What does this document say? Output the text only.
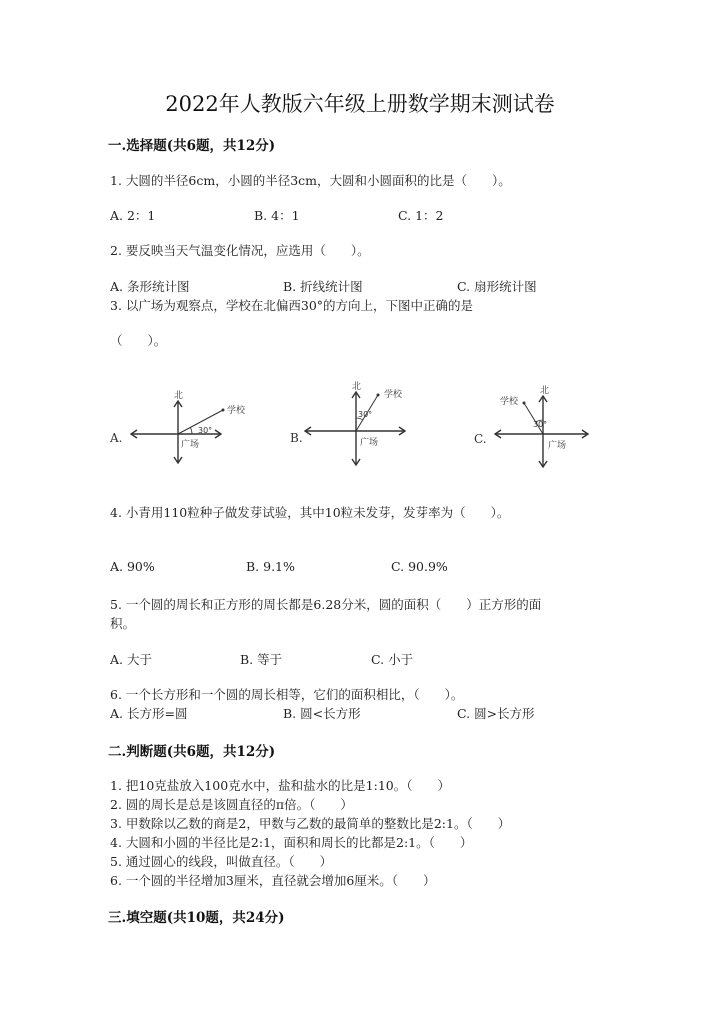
2022年人教版六年级上册数学期末测试卷
一.选择题(共6题，共12分)
1. 大圆的半径6cm，小圆的半径3cm，大圆和小圆面积的比是（　　）。
A. 2：1	B. 4：1	C. 1：2
2. 要反映当天气温变化情况，应选用（　　）。
A. 条形统计图	B. 折线统计图	C. 扇形统计图
3. 以广场为观察点，学校在北偏西30°的方向上，下图中正确的是
（　　）。
A.
北
学校
30°
广场	B.
北
学校
30°
广场	C.
北
学校
30°
广场
4. 小青用110粒种子做发芽试验，其中10粒未发芽，发芽率为（　　）。
A. 90%	B. 9.1%	C. 90.9%
5. 一个圆的周长和正方形的周长都是6.28分米，圆的面积（　　）正方形的面
积。
A. 大于	B. 等于	C. 小于
6. 一个长方形和一个圆的周长相等，它们的面积相比，（　　）。
A. 长方形=圆	B. 圆<长方形	C. 圆>长方形
二.判断题(共6题，共12分)
1. 把10克盐放入100克水中，盐和盐水的比是1:10。（　　）
2. 圆的周长是总是该圆直径的π倍。（　　）
3. 甲数除以乙数的商是2，甲数与乙数的最简单的整数比是2:1。（　　）
4. 大圆和小圆的半径比是2:1，面积和周长的比都是2:1。（　　）
5. 通过圆心的线段，叫做直径。（　　）
6. 一个圆的半径增加3厘米，直径就会增加6厘米。（　　）
三.填空题(共10题，共24分)
